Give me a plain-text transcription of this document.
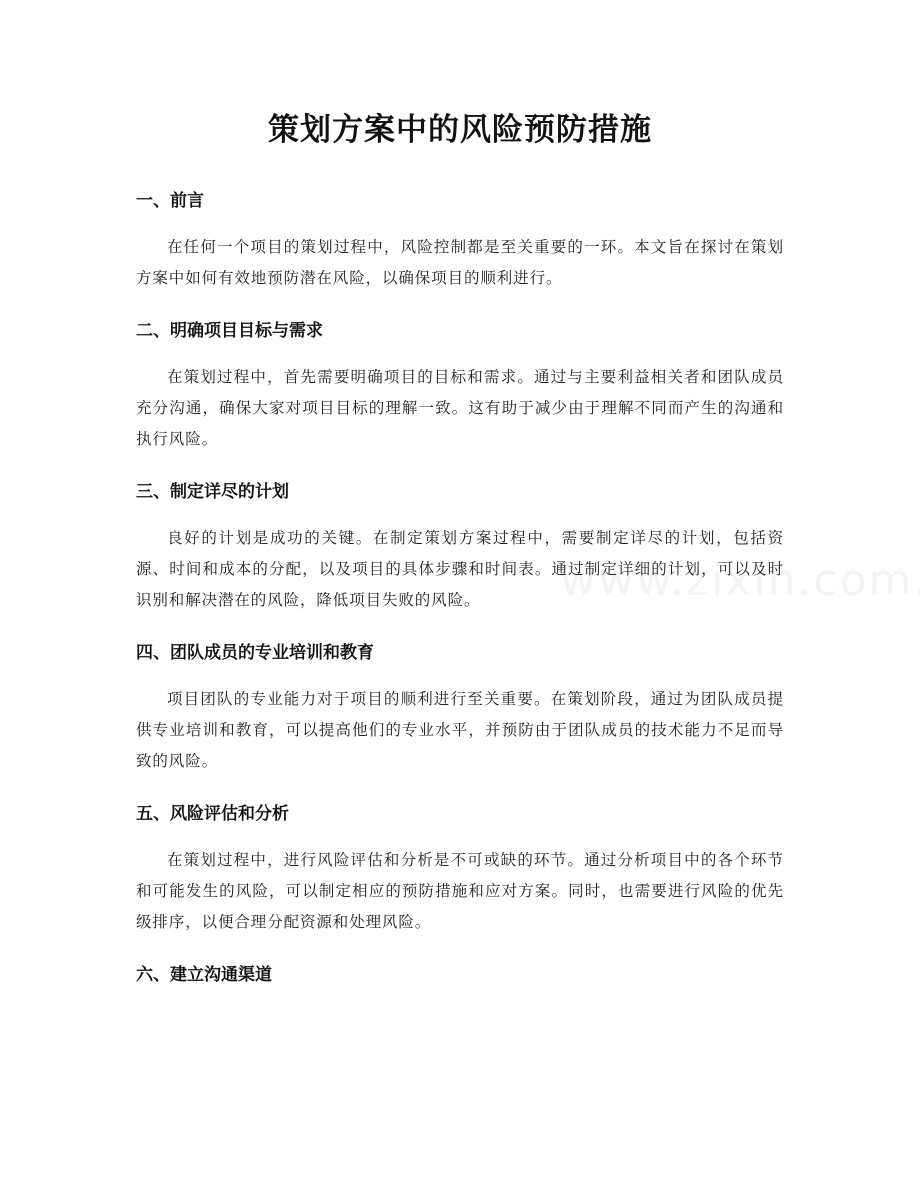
策划方案中的风险预防措施
一、前言
在任何一个项目的策划过程中，风险控制都是至关重要的一环。本文旨在探讨在策划方案中如何有效地预防潜在风险，以确保项目的顺利进行。
二、明确项目目标与需求
在策划过程中，首先需要明确项目的目标和需求。通过与主要利益相关者和团队成员充分沟通，确保大家对项目目标的理解一致。这有助于减少由于理解不同而产生的沟通和执行风险。
三、制定详尽的计划
良好的计划是成功的关键。在制定策划方案过程中，需要制定详尽的计划，包括资源、时间和成本的分配，以及项目的具体步骤和时间表。通过制定详细的计划，可以及时识别和解决潜在的风险，降低项目失败的风险。
四、团队成员的专业培训和教育
项目团队的专业能力对于项目的顺利进行至关重要。在策划阶段，通过为团队成员提供专业培训和教育，可以提高他们的专业水平，并预防由于团队成员的技术能力不足而导致的风险。
五、风险评估和分析
在策划过程中，进行风险评估和分析是不可或缺的环节。通过分析项目中的各个环节和可能发生的风险，可以制定相应的预防措施和应对方案。同时，也需要进行风险的优先级排序，以便合理分配资源和处理风险。
六、建立沟通渠道
